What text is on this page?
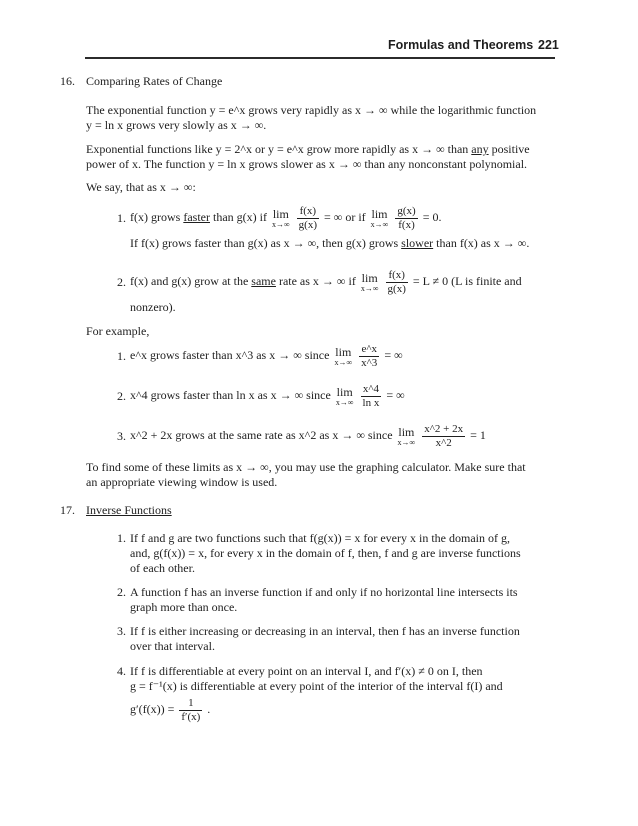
Formulas and Theorems 221
16. Comparing Rates of Change
The exponential function y = e^x grows very rapidly as x → ∞ while the logarithmic function
y = ln x grows very slowly as x → ∞.
Exponential functions like y = 2^x or y = e^x grow more rapidly as x → ∞ than any positive
power of x. The function y = ln x grows slower as x → ∞ than any nonconstant polynomial.
We say, that as x → ∞:
1. f(x) grows faster than g(x) if lim
x→∞
$\frac{f(x)}{g(x)}$ = ∞ or if lim
x→∞
$\frac{g(x)}{f(x)} = 0$.
If f(x) grows faster than g(x) as x → ∞, then g(x) grows slower than f(x) as x → ∞.
2. f(x) and g(x) grow at the same rate as x → ∞ if lim
x→∞
$\frac{f(x)}{g(x)} = L \ne 0$ (L is finite and
nonzero).
For example,
1. e^x grows faster than x^3 as x → ∞ since lim
x→∞
$\frac{e\^{}x}{x\^{}3}$ = ∞
2. x^4 grows faster than ln x as x → ∞ since lim
x→∞
$\frac{x\^{}4}{\text{ln x}}$ = ∞
3. x^2 + 2x grows at the same rate as x^2 as x → ∞ since lim
x→∞
$\frac{x\^{}2 + 2x}{x\^{}2} = 1$
To find some of these limits as x → ∞, you may use the graphing calculator. Make sure that
an appropriate viewing window is used.
17. Inverse Functions
1. If f and g are two functions such that f(g(x)) = x for every x in the domain of g,
and, g(f(x)) = x, for every x in the domain of f, then, f and g are inverse functions
of each other.
2. A function f has an inverse function if and only if no horizontal line intersects its
graph more than once.
3. If f is either increasing or decreasing in an interval, then f has an inverse function
over that interval.
4. If f is differentiable at every point on an interval I, and f′(x) ≠ 0 on I, then
g = f⁻¹(x) is differentiable at every point of the interior of the interval f(I) and
$g'(f(x)) = \frac{1}{f'(x)}$ .
